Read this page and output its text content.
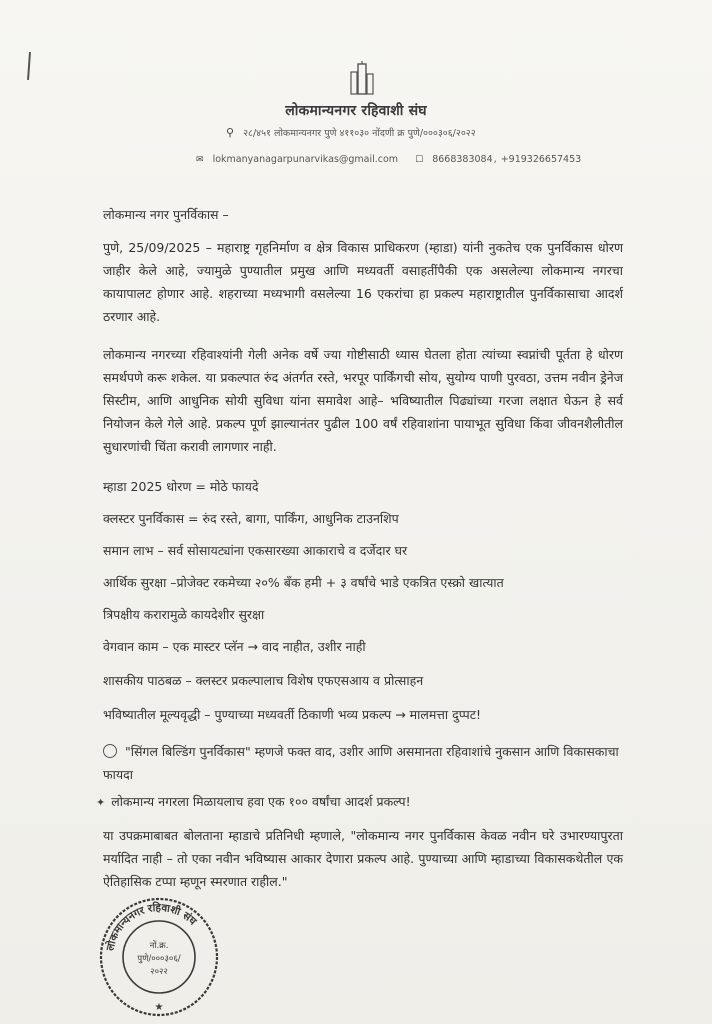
लोकमान्यनगर रहिवाशी संघ
⚲ २८/४५१ लोकमान्यनगर पुणे ४११०३० नोंदणी क्र पुणे/०००३०६/२०२२
✉ lokmanyanagarpunarvikas@gmail.com ☐ 8668383084, +919326657453
लोकमान्य नगर पुनर्विकास –
पुणे, 25/09/2025 – महाराष्ट्र गृहनिर्माण व क्षेत्र विकास प्राधिकरण (म्हाडा) यांनी नुकतेच एक पुनर्विकास धोरण जाहीर केले आहे, ज्यामुळे पुण्यातील प्रमुख आणि मध्यवर्ती वसाहतींपैकी एक असलेल्या लोकमान्य नगरचा कायापालट होणार आहे. शहराच्या मध्यभागी वसलेल्या 16 एकरांचा हा प्रकल्प महाराष्ट्रातील पुनर्विकासाचा आदर्श ठरणार आहे.
लोकमान्य नगरच्या रहिवाश्यांनी गेली अनेक वर्षे ज्या गोष्टीसाठी ध्यास घेतला होता त्यांच्या स्वप्नांची पूर्तता हे धोरण समर्थपणे करू शकेल. या प्रकल्पात रुंद अंतर्गत रस्ते, भरपूर पार्किंगची सोय, सुयोग्य पाणी पुरवठा, उत्तम नवीन ड्रेनेज सिस्टीम, आणि आधुनिक सोयी सुविधा यांना समावेश आहे– भविष्यातील पिढ्यांच्या गरजा लक्षात घेऊन हे सर्व नियोजन केले गेले आहे. प्रकल्प पूर्ण झाल्यानंतर पुढील 100 वर्षं रहिवाशांना पायाभूत सुविधा किंवा जीवनशैलीतील सुधारणांची चिंता करावी लागणार नाही.
म्हाडा 2025 धोरण = मोठे फायदे
क्लस्टर पुनर्विकास = रुंद रस्ते, बागा, पार्किंग, आधुनिक टाउनशिप
समान लाभ – सर्व सोसायट्यांना एकसारख्या आकाराचे व दर्जेदार घर
आर्थिक सुरक्षा –प्रोजेक्ट रकमेच्या २०% बँक हमी + ३ वर्षांचे भाडे एकत्रित एस्क्रो खात्यात
त्रिपक्षीय करारामुळे कायदेशीर सुरक्षा
वेगवान काम – एक मास्टर प्लॅन → वाद नाहीत, उशीर नाही
शासकीय पाठबळ – क्लस्टर प्रकल्पालाच विशेष एफएसआय व प्रोत्साहन
भविष्यातील मूल्यवृद्धी – पुण्याच्या मध्यवर्ती ठिकाणी भव्य प्रकल्प → मालमत्ता दुप्पट!
"सिंगल बिल्डिंग पुनर्विकास" म्हणजे फक्त वाद, उशीर आणि असमानता रहिवाशांचे नुकसान आणि विकासकाचा फायदा
✦ लोकमान्य नगरला मिळायलाच हवा एक १०० वर्षांचा आदर्श प्रकल्प!
या उपक्रमाबाबत बोलताना म्हाडाचे प्रतिनिधी म्हणाले, "लोकमान्य नगर पुनर्विकास केवळ नवीन घरे उभारण्यापुरता मर्यादित नाही – तो एका नवीन भविष्यास आकार देणारा प्रकल्प आहे. पुण्याच्या आणि म्हाडाच्या विकासकथेतील एक ऐतिहासिक टप्पा म्हणून स्मरणात राहील."
लोकमान्यनगर रहिवाशी संघ
नों.क्र.
पुणे/०००३०६/
२०२२
★
